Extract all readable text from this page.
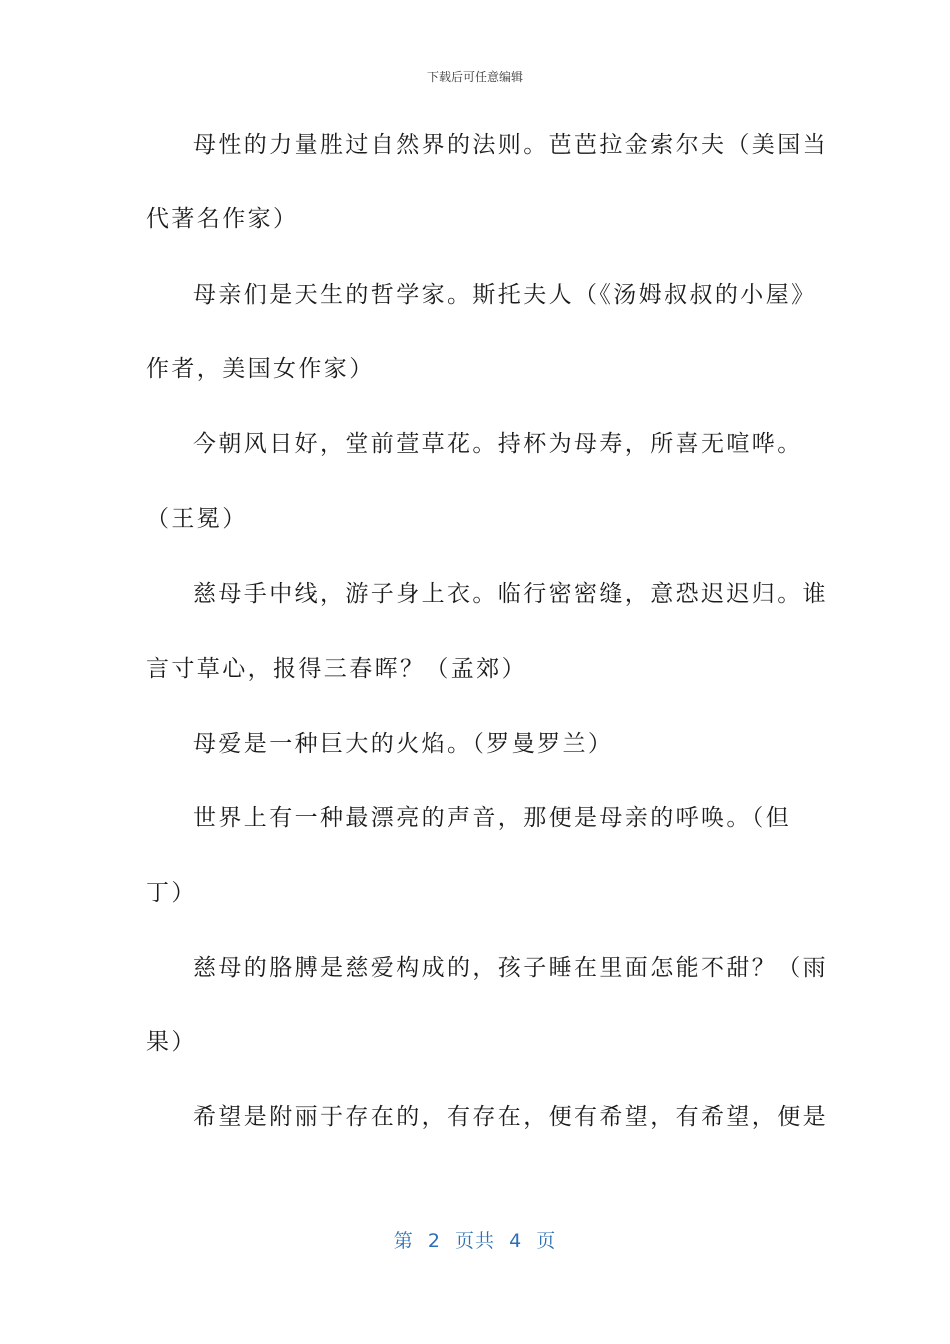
下载后可任意编辑
母性的力量胜过自然界的法则。芭芭拉金索尔夫（美国当
代著名作家）
母亲们是天生的哲学家。斯托夫人（《汤姆叔叔的小屋》
作者，美国女作家）
今朝风日好，堂前萱草花。持杯为母寿，所喜无喧哗。
（王冕）
慈母手中线，游子身上衣。临行密密缝，意恐迟迟归。谁
言寸草心，报得三春晖？（孟郊）
母爱是一种巨大的火焰。（罗曼罗兰）
世界上有一种最漂亮的声音，那便是母亲的呼唤。（但
丁）
慈母的胳膊是慈爱构成的，孩子睡在里面怎能不甜？（雨
果）
希望是附丽于存在的，有存在，便有希望，有希望，便是
第  2  页共  4  页
